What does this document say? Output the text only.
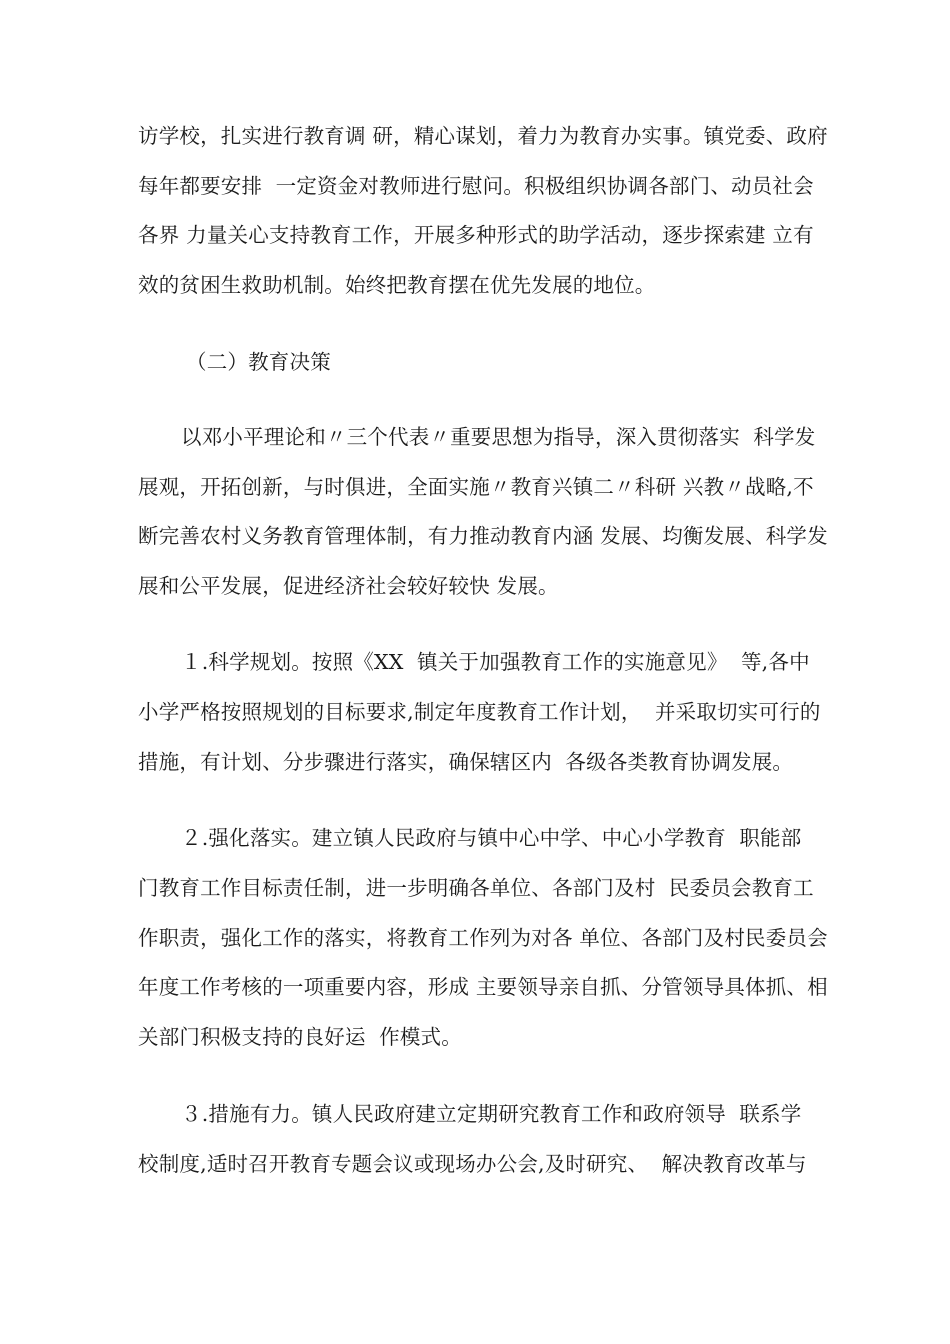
访学校，扎实进行教育调 研，精心谋划，着力为教育办实事。镇党委、政府
每年都要安排  一定资金对教师进行慰问。积极组织协调各部门、动员社会
各界 力量关心支持教育工作，开展多种形式的助学活动，逐步探索建 立有
效的贫困生救助机制。始终把教育摆在优先发展的地位。
（二）教育决策
以邓小平理论和〃三个代表〃重要思想为指导，深入贯彻落实  科学发
展观，开拓创新，与时俱进，全面实施〃教育兴镇二〃科研 兴教〃战略,不
断完善农村义务教育管理体制，有力推动教育内涵 发展、均衡发展、科学发
展和公平发展，促进经济社会较好较快 发展。
１.科学规划。按照《XX  镇关于加强教育工作的实施意见》  等,各中
小学严格按照规划的目标要求,制定年度教育工作计划，  并采取切实可行的
措施，有计划、分步骤进行落实，确保辖区内  各级各类教育协调发展。
２.强化落实。建立镇人民政府与镇中心中学、中心小学教育  职能部
门教育工作目标责任制，进一步明确各单位、各部门及村  民委员会教育工
作职责，强化工作的落实，将教育工作列为对各 单位、各部门及村民委员会
年度工作考核的一项重要内容，形成 主要领导亲自抓、分管领导具体抓、相
关部门积极支持的良好运  作模式。
３.措施有力。镇人民政府建立定期研究教育工作和政府领导  联系学
校制度,适时召开教育专题会议或现场办公会,及时研究、  解决教育改革与
